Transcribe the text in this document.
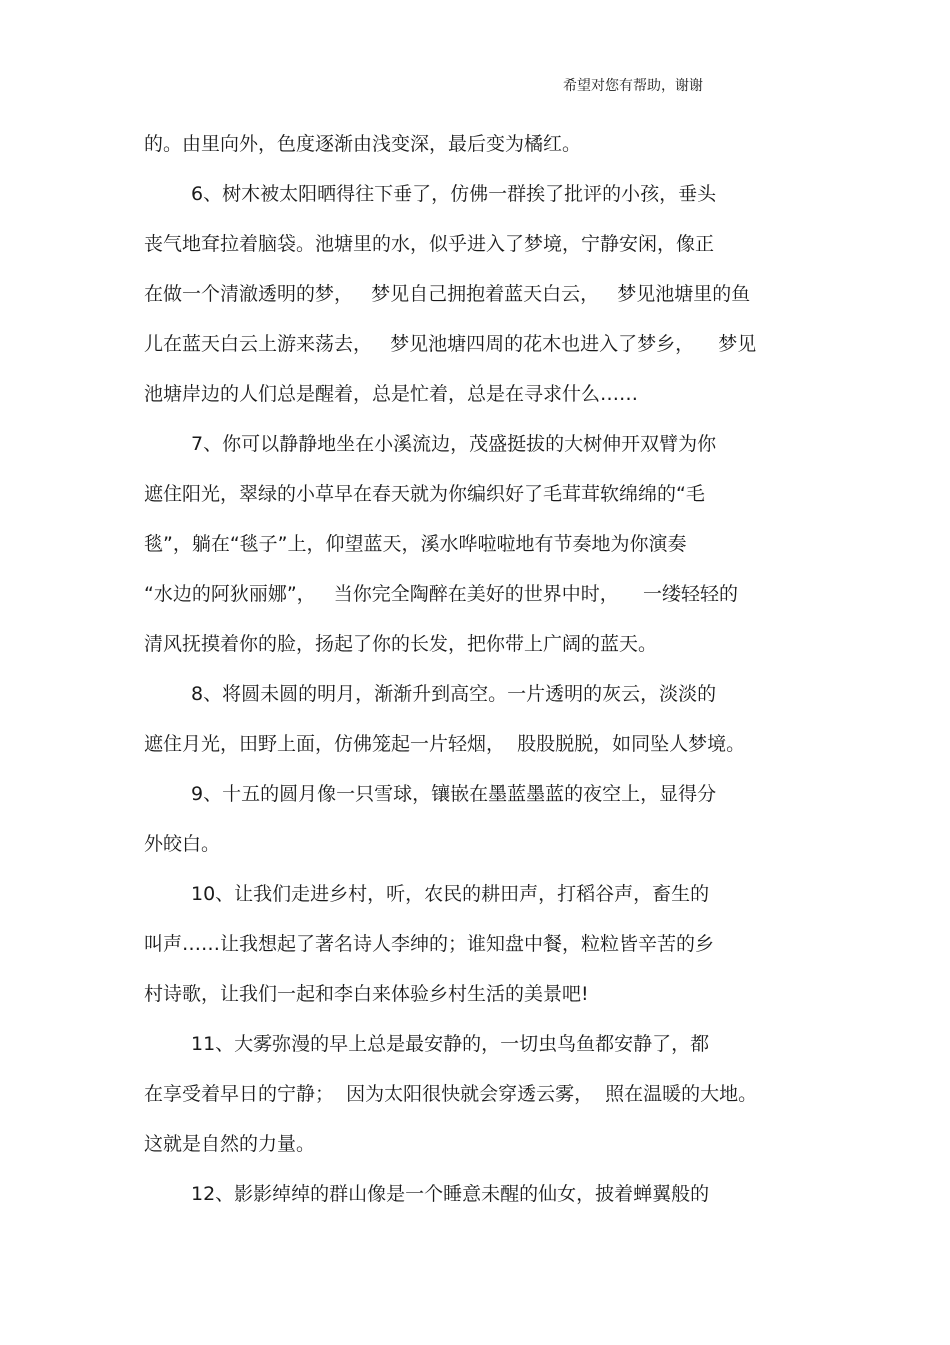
希望对您有帮助，谢谢
的。由里向外，色度逐渐由浅变深，最后变为橘红。
6、树木被太阳晒得往下垂了，仿佛一群挨了批评的小孩，垂头
丧气地耷拉着脑袋。池塘里的水，似乎进入了梦境，宁静安闲，像正
在做一个清澈透明的梦，   梦见自己拥抱着蓝天白云，   梦见池塘里的鱼
儿在蓝天白云上游来荡去，   梦见池塘四周的花木也进入了梦乡，    梦见
池塘岸边的人们总是醒着，总是忙着，总是在寻求什么……
7、你可以静静地坐在小溪流边，茂盛挺拔的大树伸开双臂为你
遮住阳光，翠绿的小草早在春天就为你编织好了毛茸茸软绵绵的“毛
毯”，躺在“毯子”上，仰望蓝天，溪水哗啦啦地有节奏地为你演奏
“水边的阿狄丽娜”，   当你完全陶醉在美好的世界中时，    一缕轻轻的
清风抚摸着你的脸，扬起了你的长发，把你带上广阔的蓝天。
8、将圆未圆的明月，渐渐升到高空。一片透明的灰云，淡淡的
遮住月光，田野上面，仿佛笼起一片轻烟，  股股脱脱，如同坠人梦境。
9、十五的圆月像一只雪球，镶嵌在墨蓝墨蓝的夜空上，显得分
外皎白。
10、让我们走进乡村，听，农民的耕田声，打稻谷声，畜生的
叫声……让我想起了著名诗人李绅的；谁知盘中餐，粒粒皆辛苦的乡
村诗歌，让我们一起和李白来体验乡村生活的美景吧!
11、大雾弥漫的早上总是最安静的，一切虫鸟鱼都安静了，都
在享受着早日的宁静；  因为太阳很快就会穿透云雾，  照在温暖的大地。
这就是自然的力量。
12、影影绰绰的群山像是一个睡意未醒的仙女，披着蝉翼般的
